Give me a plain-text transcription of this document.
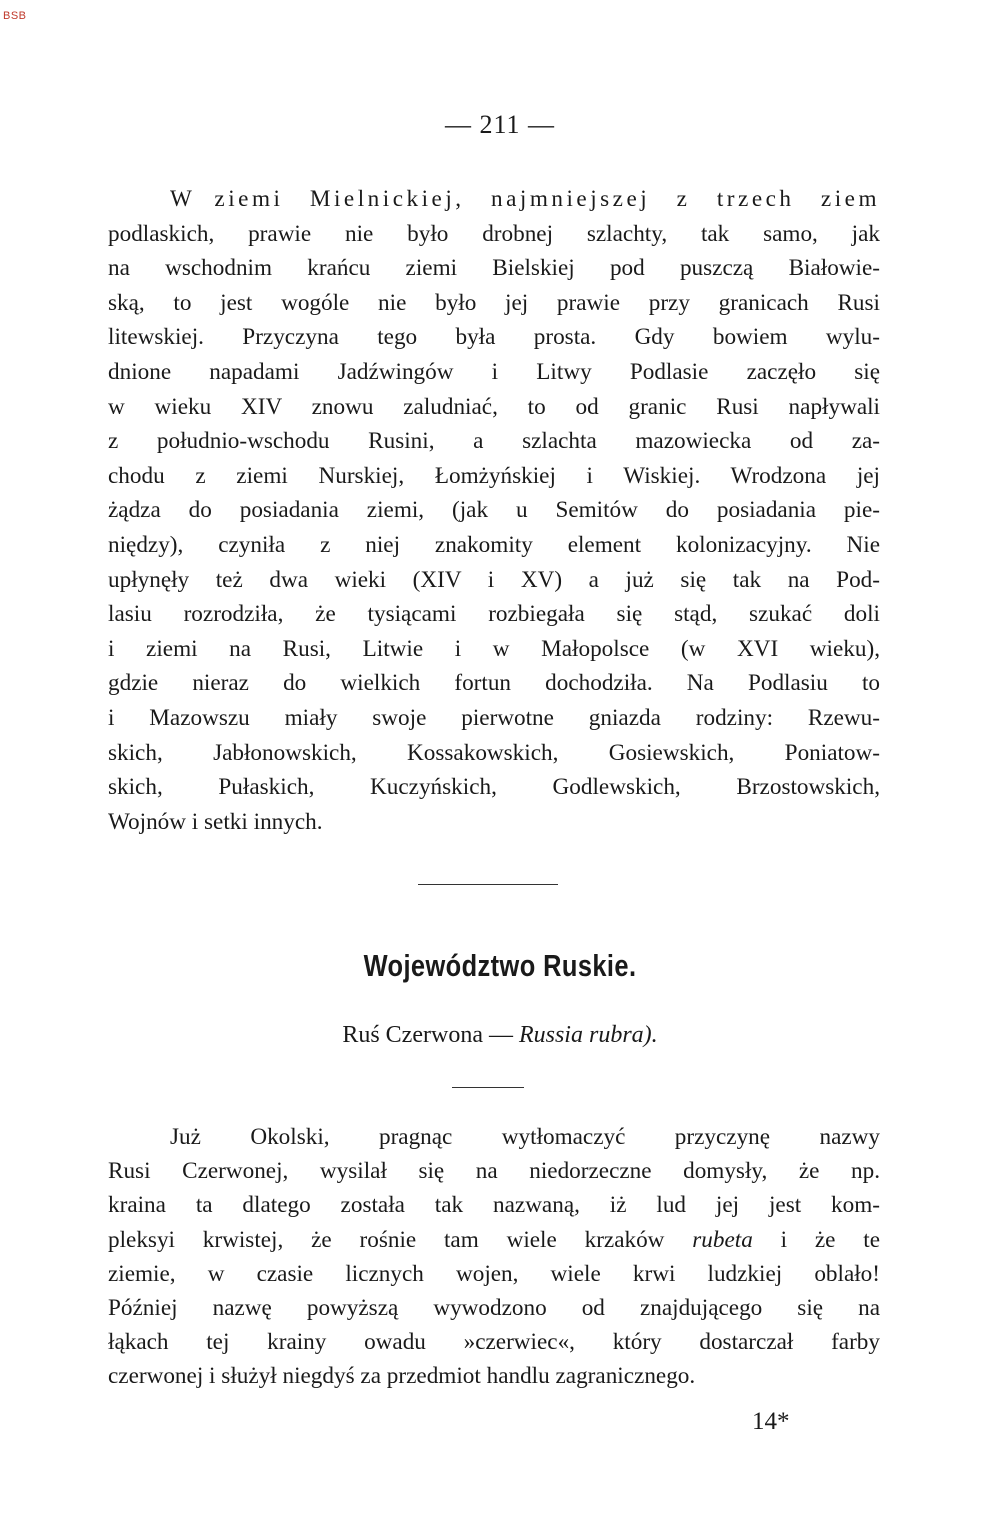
BSB
— 211 —
W ziemi Mielnickiej, najmniejszej z trzech ziem
podlaskich, prawie nie było drobnej szlachty, tak samo, jak
na wschodnim krańcu ziemi Bielskiej pod puszczą Białowie-
ską, to jest wogóle nie było jej prawie przy granicach Rusi
litewskiej. Przyczyna tego była prosta. Gdy bowiem wylu-
dnione napadami Jadźwingów i Litwy Podlasie zaczęło się
w wieku XIV znowu zaludniać, to od granic Rusi napływali
z południo-wschodu Rusini, a szlachta mazowiecka od za-
chodu z ziemi Nurskiej, Łomżyńskiej i Wiskiej. Wrodzona jej
żądza do posiadania ziemi, (jak u Semitów do posiadania pie-
niędzy), czyniła z niej znakomity element kolonizacyjny. Nie
upłynęły też dwa wieki (XIV i XV) a już się tak na Pod-
lasiu rozrodziła, że tysiącami rozbiegała się stąd, szukać doli
i ziemi na Rusi, Litwie i w Małopolsce (w XVI wieku),
gdzie nieraz do wielkich fortun dochodziła. Na Podlasiu to
i Mazowszu miały swoje pierwotne gniazda rodziny: Rzewu-
skich, Jabłonowskich, Kossakowskich, Gosiewskich, Poniatow-
skich, Pułaskich, Kuczyńskich, Godlewskich, Brzostowskich,
Wojnów i setki innych.
Województwo Ruskie.
Ruś Czerwona — Russia rubra).
Już Okolski, pragnąc wytłomaczyć przyczynę nazwy
Rusi Czerwonej, wysilał się na niedorzeczne domysły, że np.
kraina ta dlatego została tak nazwaną, iż lud jej jest kom-
pleksyi krwistej, że rośnie tam wiele krzaków rubeta i że te
ziemie, w czasie licznych wojen, wiele krwi ludzkiej oblało!
Później nazwę powyższą wywodzono od znajdującego się na
łąkach tej krainy owadu »czerwiec«, który dostarczał farby
czerwonej i służył niegdyś za przedmiot handlu zagranicznego.
14*
